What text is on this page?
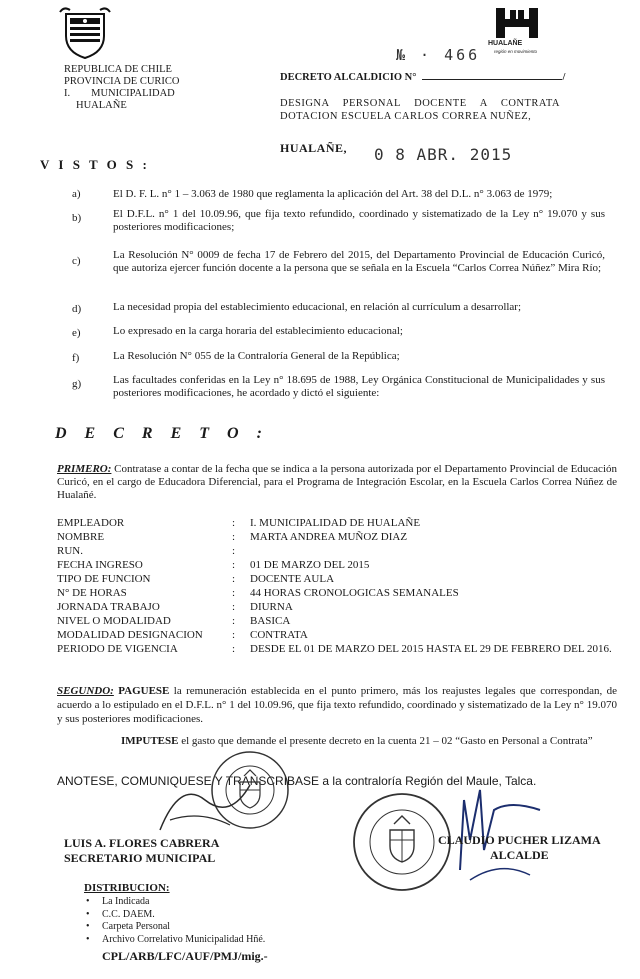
REPUBLICA DE CHILE
PROVINCIA DE CURICO
I.        MUNICIPALIDAD
HUALAÑE
HUALAÑE
región en movimiento
№ · 466
DECRETO ALCALDICIO N°	/
DESIGNA PERSONAL DOCENTE A CONTRATA DOTACION ESCUELA CARLOS CORREA NUÑEZ,
HUALAÑE, 0 8 ABR. 2015
V I S T O S :
a)	El D. F. L. n° 1 – 3.063 de 1980 que reglamenta la aplicación del Art. 38 del D.L. n° 3.063 de 1979;
b)	El D.F.L. n° 1 del 10.09.96, que fija texto refundido, coordinado y sistematizado de la Ley n° 19.070 y sus posteriores modificaciones;
c)	La Resolución N° 0009 de fecha 17 de Febrero del 2015, del Departamento Provincial de Educación Curicó, que autoriza ejercer función docente a la persona que se señala en la Escuela “Carlos Correa Núñez” Mira Río;
d)	La necesidad propia del establecimiento educacional, en relación al currículum a desarrollar;
e)	Lo expresado en la carga horaria del establecimiento educacional;
f)	La Resolución N° 055 de la Contraloría General de la República;
g)	Las facultades conferidas en la Ley n° 18.695 de 1988, Ley Orgánica Constitucional de Municipalidades y sus posteriores modificaciones, he acordado y dictó el siguiente:
D E C R E T O :
PRIMERO: Contratase a contar de la fecha que se indica a la persona autorizada por el Departamento Provincial de Educación Curicó, en el cargo de Educadora Diferencial, para el Programa de Integración Escolar, en la Escuela Carlos Correa Núñez de Hualañé.
EMPLEADOR	: I. MUNICIPALIDAD DE HUALAÑE
NOMBRE	: MARTA ANDREA MUÑOZ DIAZ
RUN.	:
FECHA INGRESO	: 01 DE MARZO DEL 2015
TIPO DE FUNCION	: DOCENTE AULA
N° DE HORAS	: 44 HORAS CRONOLOGICAS SEMANALES
JORNADA TRABAJO	: DIURNA
NIVEL O MODALIDAD	: BASICA
MODALIDAD DESIGNACION	: CONTRATA
PERIODO DE VIGENCIA	: DESDE EL 01 DE MARZO DEL 2015 HASTA EL 29 DE FEBRERO DEL 2016.
SEGUNDO: PAGUESE la remuneración establecida en el punto primero, más los reajustes legales que correspondan, de acuerdo a lo estipulado en el D.F.L. n° 1 del 10.09.96, que fija texto refundido, coordinado y sistematizado de la Ley n° 19.070 y sus posteriores modificaciones.
IMPUTESE el gasto que demande el presente decreto en la cuenta 21 – 02 “Gasto en Personal a Contrata”
ANOTESE, COMUNIQUESE Y TRANSCRIBASE a la contraloría Región del Maule, Talca.
LUIS A. FLORES CABRERA
SECRETARIO MUNICIPAL
CLAUDIO PUCHER LIZAMA
ALCALDE
DISTRIBUCION:
• La Indicada
• C.C. DAEM.
• Carpeta Personal
• Archivo Correlativo Municipalidad Hñé.
CPL/ARB/LFC/AUF/PMJ/mig.-
